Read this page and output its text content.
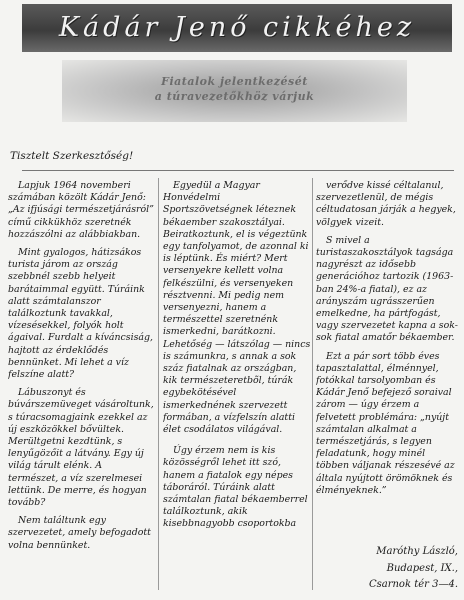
Kádár Jenő cikkéhez
Fiatalok jelentkezését
a túravezetőkhöz várjuk
Tisztelt Szerkesztőség!

Lapjuk 1964 novemberi számában közölt Kádár Jenő: „Az ifjúsági természetjárásról” című cikkükhöz szeretnék hozzászólni az alábbiakban.

Mint gyalogos, hátizsákos turista járom az ország szebbnél szebb helyeit barátaimmal együtt. Túráink alatt számtalanszor találkoztunk tavakkal, vízesésekkel, folyók holt ágaival. Furdalt a kíváncsiság, hajtott az érdeklődés bennünket. Mi lehet a víz felszíne alatt?

Lábuszonyt és búvárszemüveget vásároltunk, s túracsomagjaink ezekkel az új eszközökkel bővültek. Merültgetni kezdtünk, s lenyűgözőit a látvány. Egy új világ tárult elénk. A természet, a víz szerelmesei lettünk. De merre, és hogyan tovább?

Nem találtunk egy szervezetet, amely befogadott volna bennünket.

Egyedül a Magyar Honvédelmi Sportszövetségnek léteznek békaember szakosztályai. Beiratkoztunk, el is végeztünk egy tanfolyamot, de azonnal ki is léptünk. És miért? Mert versenyekre kellett volna felkészülni, és versenyeken résztvenni. Mi pedig nem versenyezni, hanem a természettel szeretnénk ismerkedni, barátkozni. Lehetőség — látszólag — nincs is számunkra, s annak a sok száz fiatalnak az országban, kik természeteretbõl, túrák egybekötésével ismerkednének szervezett formában, a vízfelszín alatti élet csodálatos világával.

Úgy érzem nem is kis közösségről lehet itt szó, hanem a fiatalok egy népes táboráról. Túráink alatt számtalan fiatal békaemberrel találkoztunk, akik kisebbnagyobb csoportokba

verődve kissé céltalanul, szervezetlenül, de mégis céltudatosan járják a hegyek, völgyek vizeit.

S mivel a turistaszakosztályok tagsága nagyrészt az idősebb generációhoz tartozik (1963-ban 24%-a fiatal), ez az arányszám ugrásszerűen emelkedne, ha pártfogást, vagy szervezetet kapna a sok-sok fiatal amatőr békaember.

Ezt a pár sort több éves tapasztalattal, élménnyel, fotókkal tarsolyomban és Kádár Jenő befejező soraival zárom — úgy érzem a felvetett problémára: „nyújt számtalan alkalmat a természetjárás, s legyen feladatunk, hogy minél többen váljanak részesévé az általa nyújtott örömöknek és élményeknek.”

Maróthy László,
Budapest, IX.,
Csarnok tér 3—4.
